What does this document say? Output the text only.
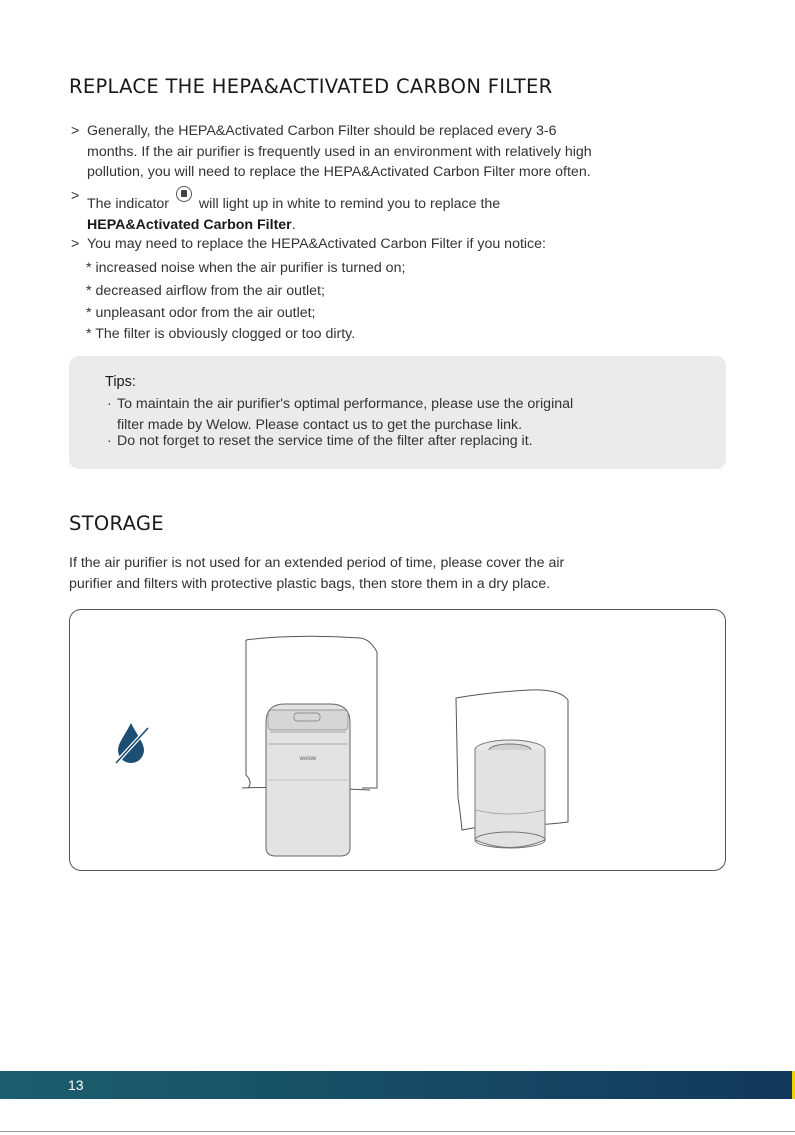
REPLACE THE HEPA&ACTIVATED CARBON FILTER
> Generally, the HEPA&Activated Carbon Filter should be replaced every 3-6
months. If the air purifier is frequently used in an environment with relatively high
pollution, you will need to replace the HEPA&Activated Carbon Filter more often.
> The indicator will light up in white to remind you to replace the
HEPA&Activated Carbon Filter.
> You may need to replace the HEPA&Activated Carbon Filter if you notice:
* increased noise when the air purifier is turned on;
* decreased airflow from the air outlet;
* unpleasant odor from the air outlet;
* The filter is obviously clogged or too dirty.
Tips:
· To maintain the air purifier's optimal performance, please use the original
filter made by Welow. Please contact us to get the purchase link.
· Do not forget to reset the service time of the filter after replacing it.
STORAGE
If the air purifier is not used for an extended period of time, please cover the air
purifier and filters with protective plastic bags, then store them in a dry place.
welow
13
